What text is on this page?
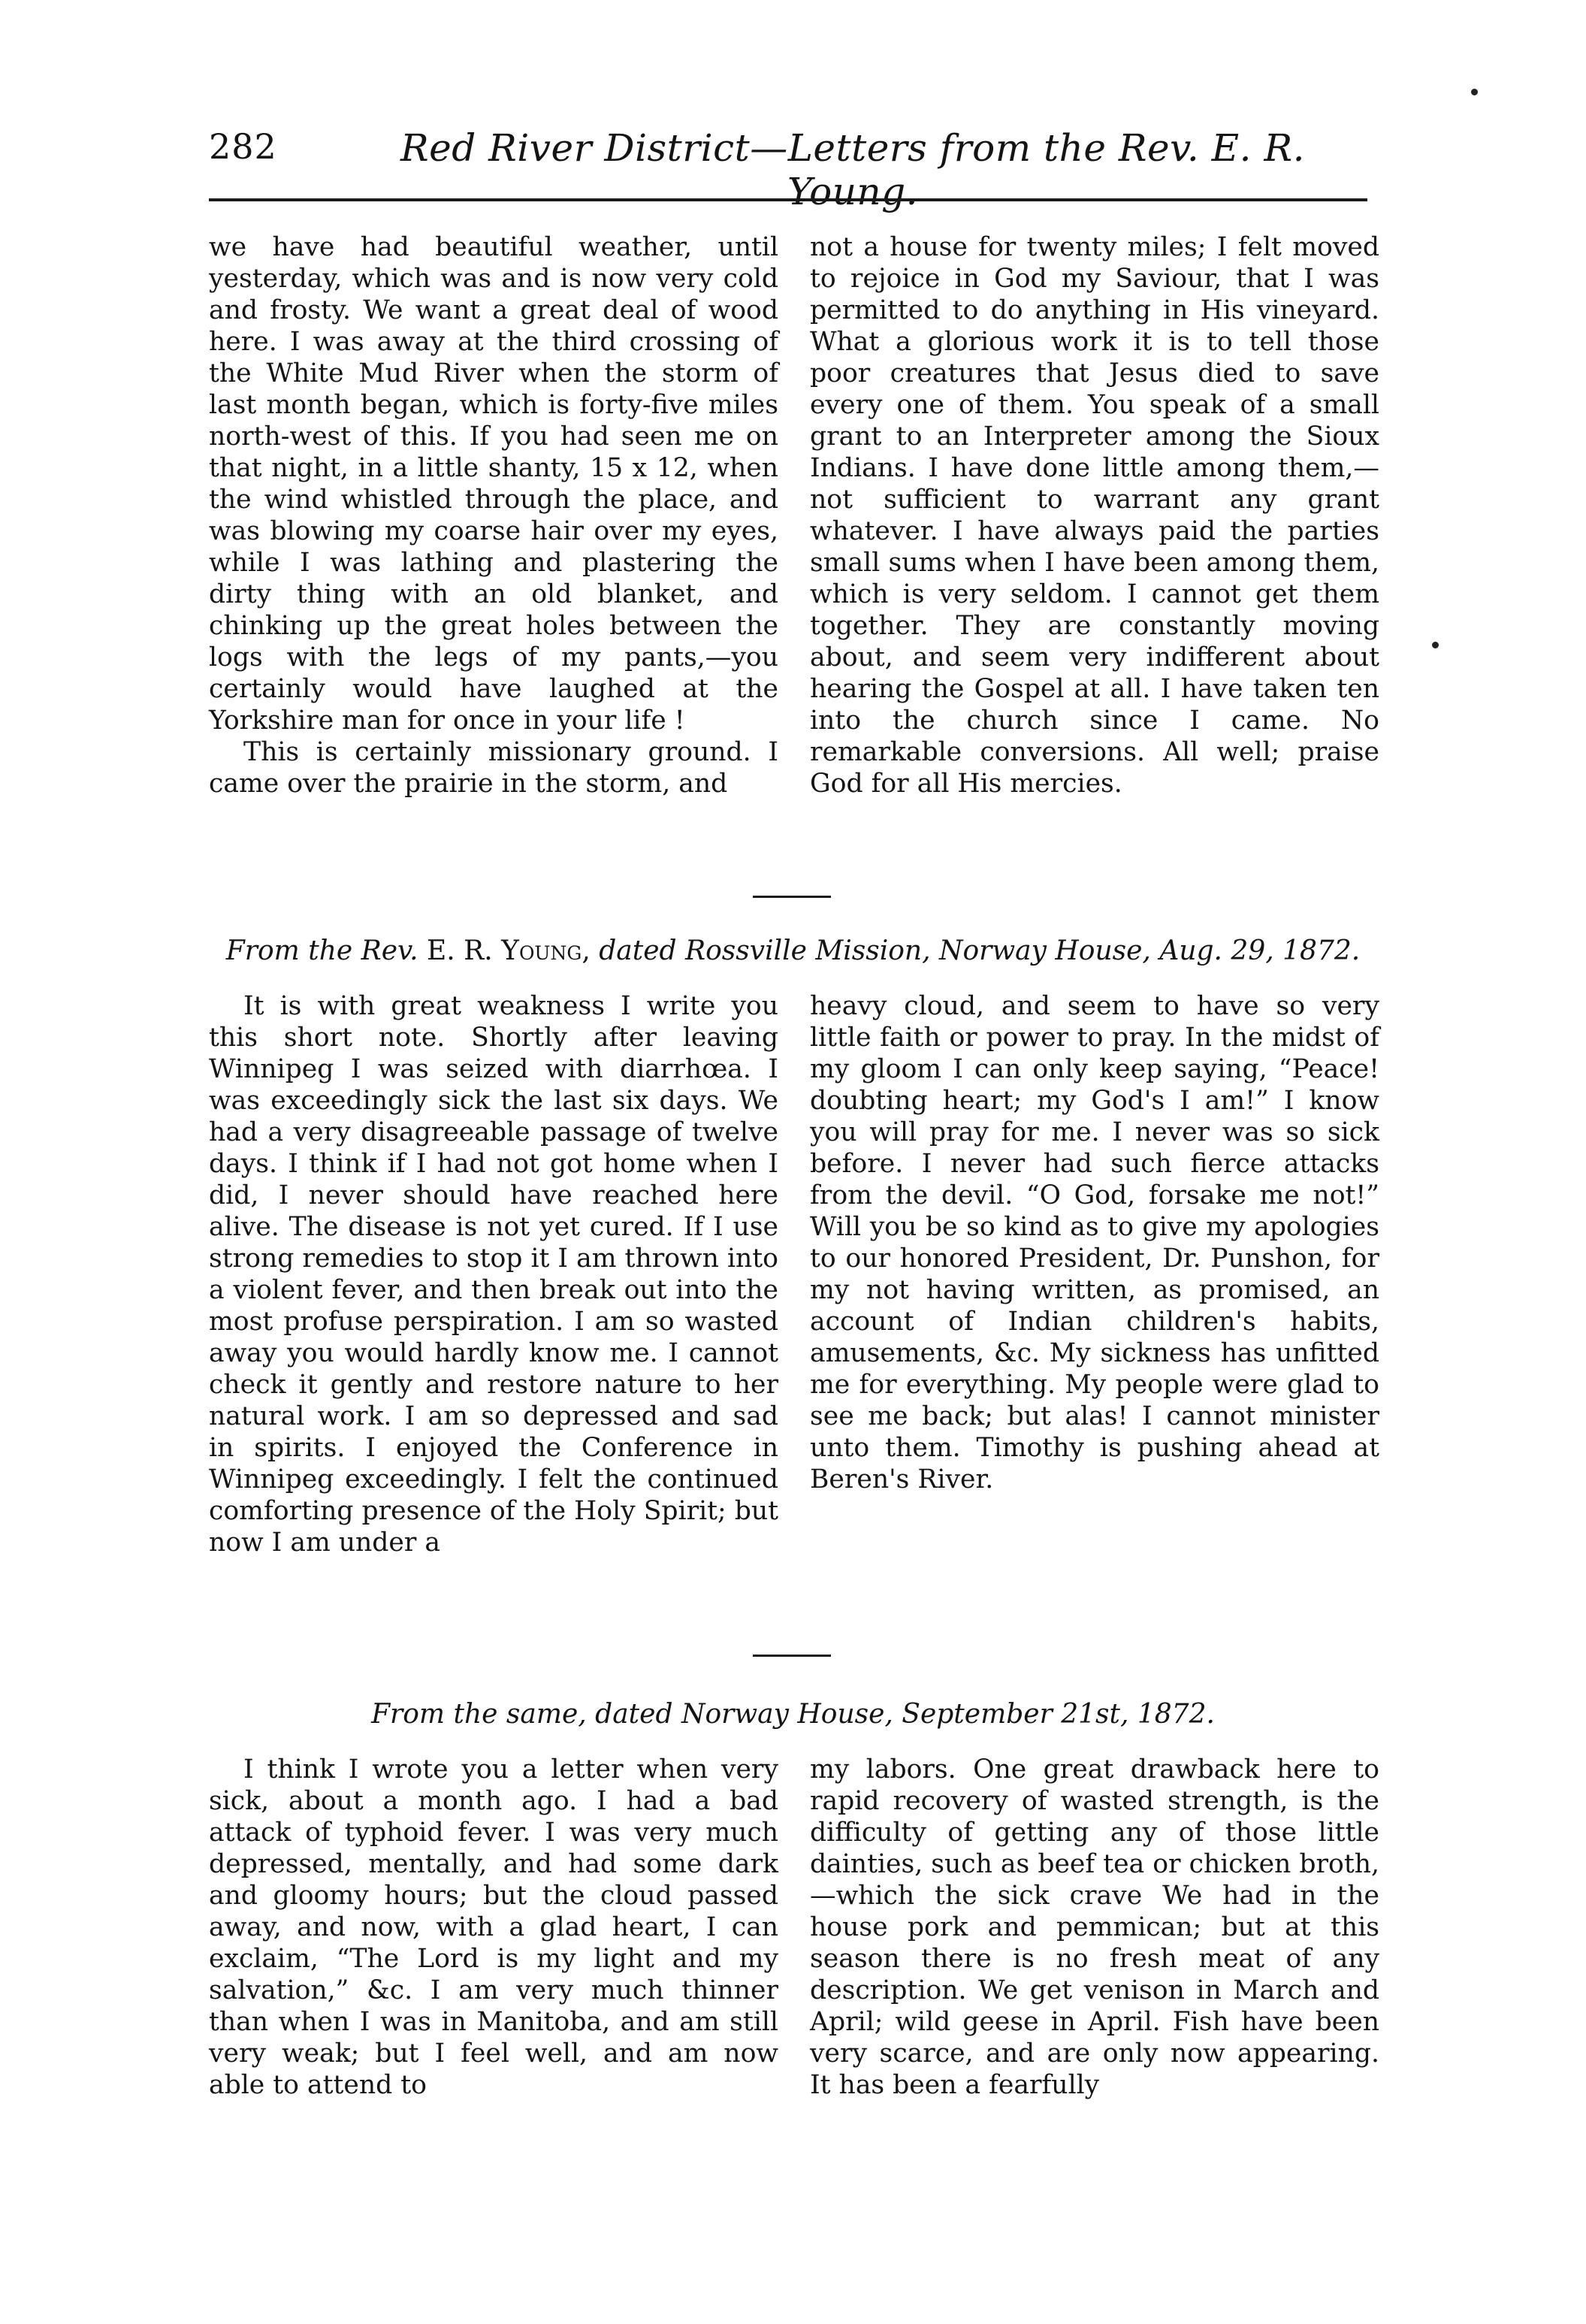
282	Red River District—Letters from the Rev. E. R. Young.

we have had beautiful weather, until yesterday, which was and is now very cold and frosty. We want a great deal of wood here. I was away at the third crossing of the White Mud River when the storm of last month began, which is forty-five miles north-west of this. If you had seen me on that night, in a little shanty, 15 x 12, when the wind whistled through the place, and was blowing my coarse hair over my eyes, while I was lathing and plastering the dirty thing with an old blanket, and chinking up the great holes between the logs with the legs of my pants,—you certainly would have laughed at the Yorkshire man for once in your life !

This is certainly missionary ground. I came over the prairie in the storm, and

not a house for twenty miles; I felt moved to rejoice in God my Saviour, that I was permitted to do anything in His vineyard. What a glorious work it is to tell those poor creatures that Jesus died to save every one of them. You speak of a small grant to an Interpreter among the Sioux Indians. I have done little among them,—not sufficient to warrant any grant whatever. I have always paid the parties small sums when I have been among them, which is very seldom. I cannot get them together. They are constantly moving about, and seem very indifferent about hearing the Gospel at all. I have taken ten into the church since I came. No remarkable conversions. All well; praise God for all His mercies.

From the Rev. E. R. Young, dated Rossville Mission, Norway House, Aug. 29, 1872.

It is with great weakness I write you this short note. Shortly after leaving Winnipeg I was seized with diarrhœa. I was exceedingly sick the last six days. We had a very disagreeable passage of twelve days. I think if I had not got home when I did, I never should have reached here alive. The disease is not yet cured. If I use strong remedies to stop it I am thrown into a violent fever, and then break out into the most profuse perspiration. I am so wasted away you would hardly know me. I cannot check it gently and restore nature to her natural work. I am so depressed and sad in spirits. I enjoyed the Conference in Winnipeg exceedingly. I felt the continued comforting presence of the Holy Spirit; but now I am under a

heavy cloud, and seem to have so very little faith or power to pray. In the midst of my gloom I can only keep saying, “Peace! doubting heart; my God's I am!” I know you will pray for me. I never was so sick before. I never had such fierce attacks from the devil. “O God, forsake me not!” Will you be so kind as to give my apologies to our honored President, Dr. Punshon, for my not having written, as promised, an account of Indian children's habits, amusements, &c. My sickness has unfitted me for everything. My people were glad to see me back; but alas! I cannot minister unto them. Timothy is pushing ahead at Beren's River.

From the same, dated Norway House, September 21st, 1872.

I think I wrote you a letter when very sick, about a month ago. I had a bad attack of typhoid fever. I was very much depressed, mentally, and had some dark and gloomy hours; but the cloud passed away, and now, with a glad heart, I can exclaim, “The Lord is my light and my salvation,” &c. I am very much thinner than when I was in Manitoba, and am still very weak; but I feel well, and am now able to attend to

my labors. One great drawback here to rapid recovery of wasted strength, is the difficulty of getting any of those little dainties, such as beef tea or chicken broth,—which the sick crave We had in the house pork and pemmican; but at this season there is no fresh meat of any description. We get venison in March and April; wild geese in April. Fish have been very scarce, and are only now appearing. It has been a fearfully
